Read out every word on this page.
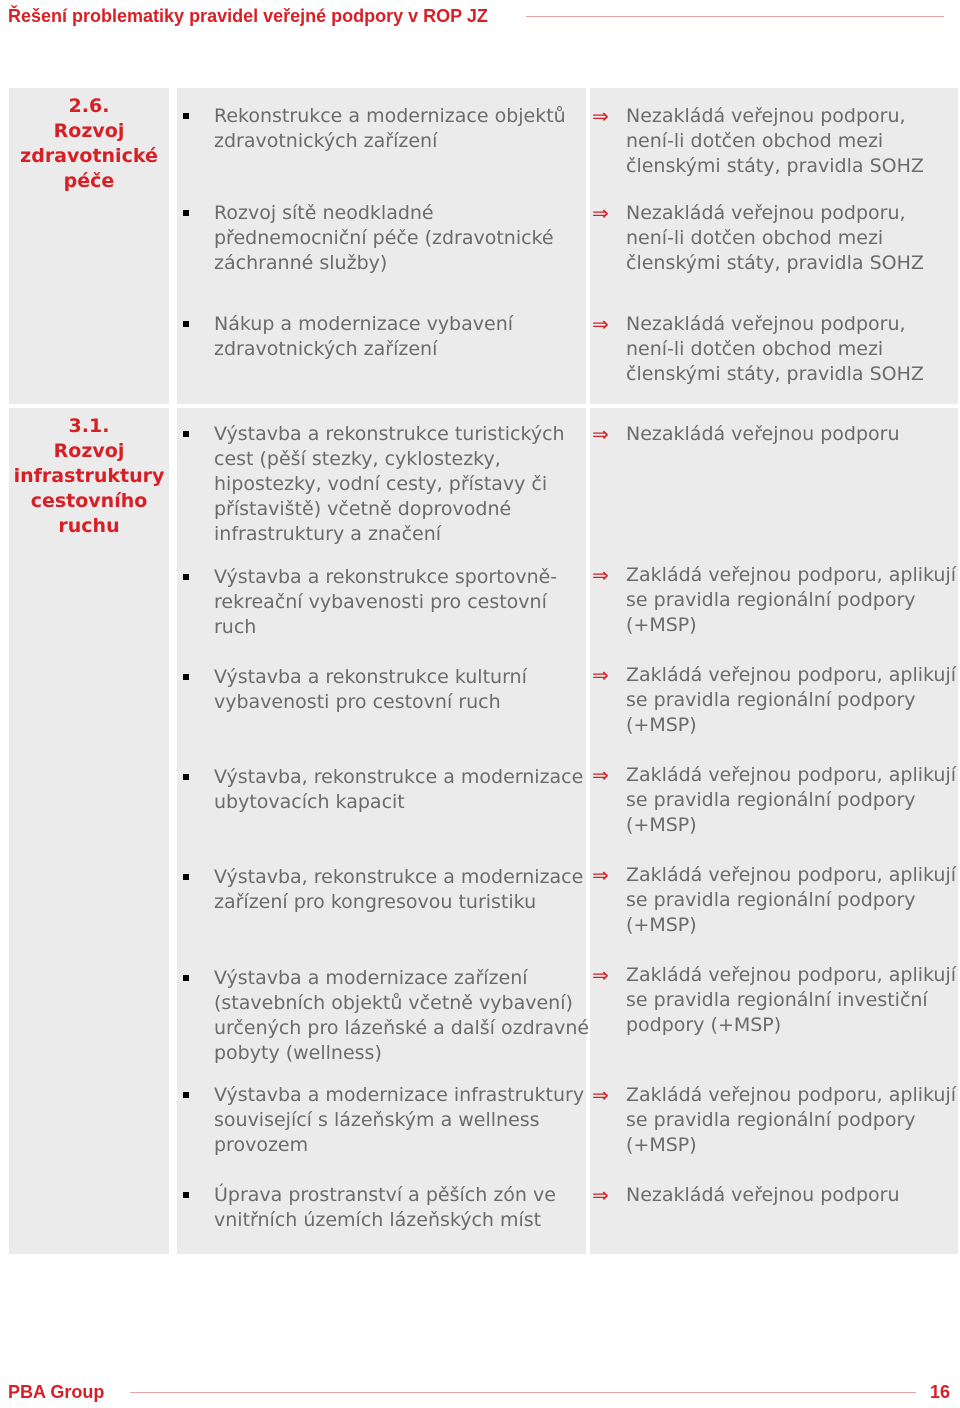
Řešení problematiky pravidel veřejné podpory v ROP JZ
2.6.
Rozvoj zdravotnické péče
Rekonstrukce a modernizace objektů zdravotnických zařízení
Rozvoj sítě neodkladné přednemocniční péče (zdravotnické záchranné služby)
Nákup a modernizace vybavení zdravotnických zařízení
⇒ Nezakládá veřejnou podporu, není-li dotčen obchod mezi členskými státy, pravidla SOHZ
⇒ Nezakládá veřejnou podporu, není-li dotčen obchod mezi členskými státy, pravidla SOHZ
⇒ Nezakládá veřejnou podporu, není-li dotčen obchod mezi členskými státy, pravidla SOHZ
3.1.
Rozvoj infrastruktury cestovního ruchu
Výstavba a rekonstrukce turistických cest (pěší stezky, cyklostezky, hipostezky, vodní cesty, přístavy či přístaviště) včetně doprovodné infrastruktury a značení
Výstavba a rekonstrukce sportovně-rekreační vybavenosti pro cestovní ruch
Výstavba a rekonstrukce kulturní vybavenosti pro cestovní ruch
Výstavba, rekonstrukce a modernizace ubytovacích kapacit
Výstavba, rekonstrukce a modernizace zařízení pro kongresovou turistiku
Výstavba a modernizace zařízení (stavebních objektů včetně vybavení) určených pro lázeňské a další ozdravné pobyty (wellness)
Výstavba a modernizace infrastruktury související s lázeňským a wellness provozem
Úprava prostranství a pěších zón ve vnitřních územích lázeňských míst
⇒ Nezakládá veřejnou podporu
⇒ Zakládá veřejnou podporu, aplikují se pravidla regionální podpory (+MSP)
⇒ Zakládá veřejnou podporu, aplikují se pravidla regionální podpory (+MSP)
⇒ Zakládá veřejnou podporu, aplikují se pravidla regionální podpory (+MSP)
⇒ Zakládá veřejnou podporu, aplikují se pravidla regionální podpory (+MSP)
⇒ Zakládá veřejnou podporu, aplikují se pravidla regionální investiční podpory (+MSP)
⇒ Zakládá veřejnou podporu, aplikují se pravidla regionální podpory (+MSP)
⇒ Nezakládá veřejnou podporu
PBA Group	16
